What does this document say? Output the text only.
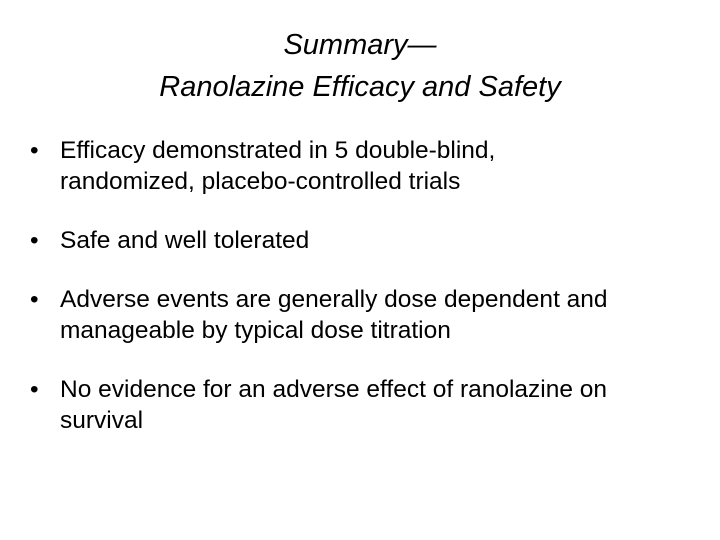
Summary—
Ranolazine Efficacy and Safety
• Efficacy demonstrated in 5 double-blind,
randomized, placebo-controlled trials
• Safe and well tolerated
• Adverse events are generally dose dependent and
manageable by typical dose titration
• No evidence for an adverse effect of ranolazine on
survival
